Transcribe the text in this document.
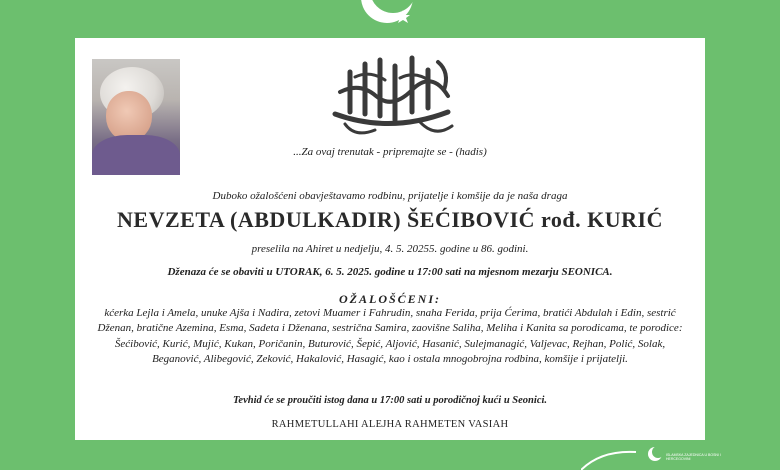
...Za ovaj trenutak - pripremajte se - (hadis)
Duboko ožalošćeni obavještavamo rodbinu, prijatelje i komšije da je naša draga
NEVZETA (ABDULKADIR) ŠEĆIBOVIĆ rođ. KURIĆ
preselila na Ahiret u nedjelju, 4. 5. 20255. godine u 86. godini.
Dženaza će se obaviti u UTORAK, 6. 5. 2025. godine u 17:00 sati na mjesnom mezarju SEONICA.
OŽALOŠĆENI:
kćerka Lejla i Amela, unuke Ajša i Nadira, zetovi Muamer i Fahrudin, snaha Ferida, prija Ćerima, bratići Abdulah i Edin, sestrić Dženan, bratične Azemina, Esma, Sadeta i Dženana, sestrična Samira, zaovišne Saliha, Meliha i Kanita sa porodicama, te porodice: Šećibović, Kurić, Mujić, Kukan, Poričanin, Buturović, Šepić, Aljović, Hasanić, Sulejmanagić, Valjevac, Rejhan, Polić, Solak, Beganović, Alibegović, Zeković, Hakalović, Hasagić, kao i ostala mnogobrojna rodbina, komšije i prijatelji.
Tevhid će se proučiti istog dana u 17:00 sati u porodičnoj kući u Seonici.
RAHMETULLAHI ALEJHA RAHMETEN VASIAH
ISLAMSKA ZAJEDNICA U BOSNI I HERCEGOVINI
